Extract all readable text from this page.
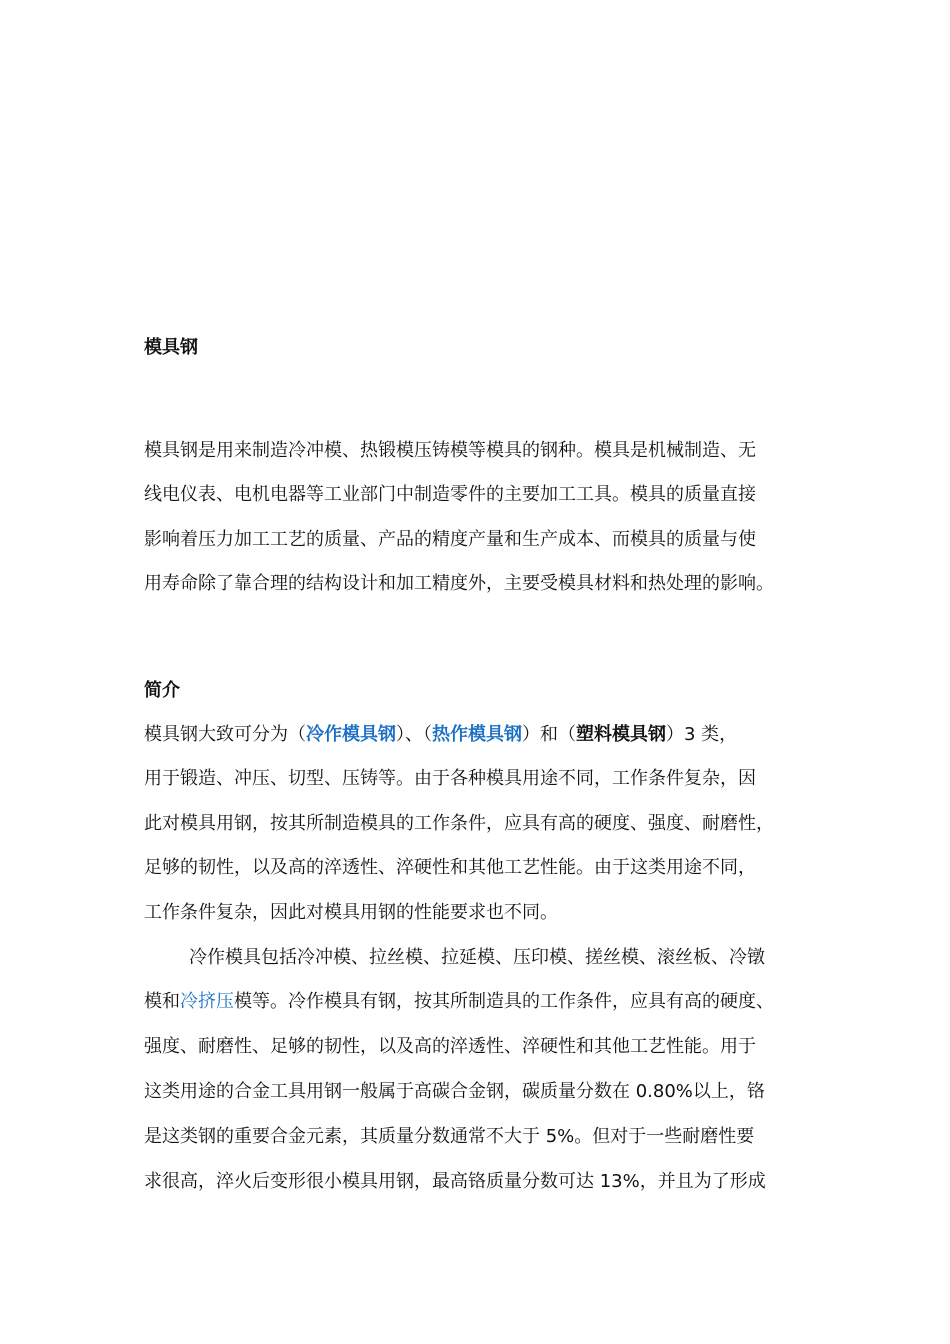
模具钢
模具钢是用来制造冷冲模、热锻模压铸模等模具的钢种。模具是机械制造、无
线电仪表、电机电器等工业部门中制造零件的主要加工工具。模具的质量直接
影响着压力加工工艺的质量、产品的精度产量和生产成本、而模具的质量与使
用寿命除了靠合理的结构设计和加工精度外，主要受模具材料和热处理的影响。
简介
模具钢大致可分为（冷作模具钢）、（热作模具钢）和（塑料模具钢）3 类，
用于锻造、冲压、切型、压铸等。由于各种模具用途不同，工作条件复杂，因
此对模具用钢，按其所制造模具的工作条件，应具有高的硬度、强度、耐磨性，
足够的韧性，以及高的淬透性、淬硬性和其他工艺性能。由于这类用途不同，
工作条件复杂，因此对模具用钢的性能要求也不同。
冷作模具包括冷冲模、拉丝模、拉延模、压印模、搓丝模、滚丝板、冷镦
模和冷挤压模等。冷作模具有钢，按其所制造具的工作条件，应具有高的硬度、
强度、耐磨性、足够的韧性，以及高的淬透性、淬硬性和其他工艺性能。用于
这类用途的合金工具用钢一般属于高碳合金钢，碳质量分数在 0.80%以上，铬
是这类钢的重要合金元素，其质量分数通常不大于 5%。但对于一些耐磨性要
求很高，淬火后变形很小模具用钢，最高铬质量分数可达 13%，并且为了形成
